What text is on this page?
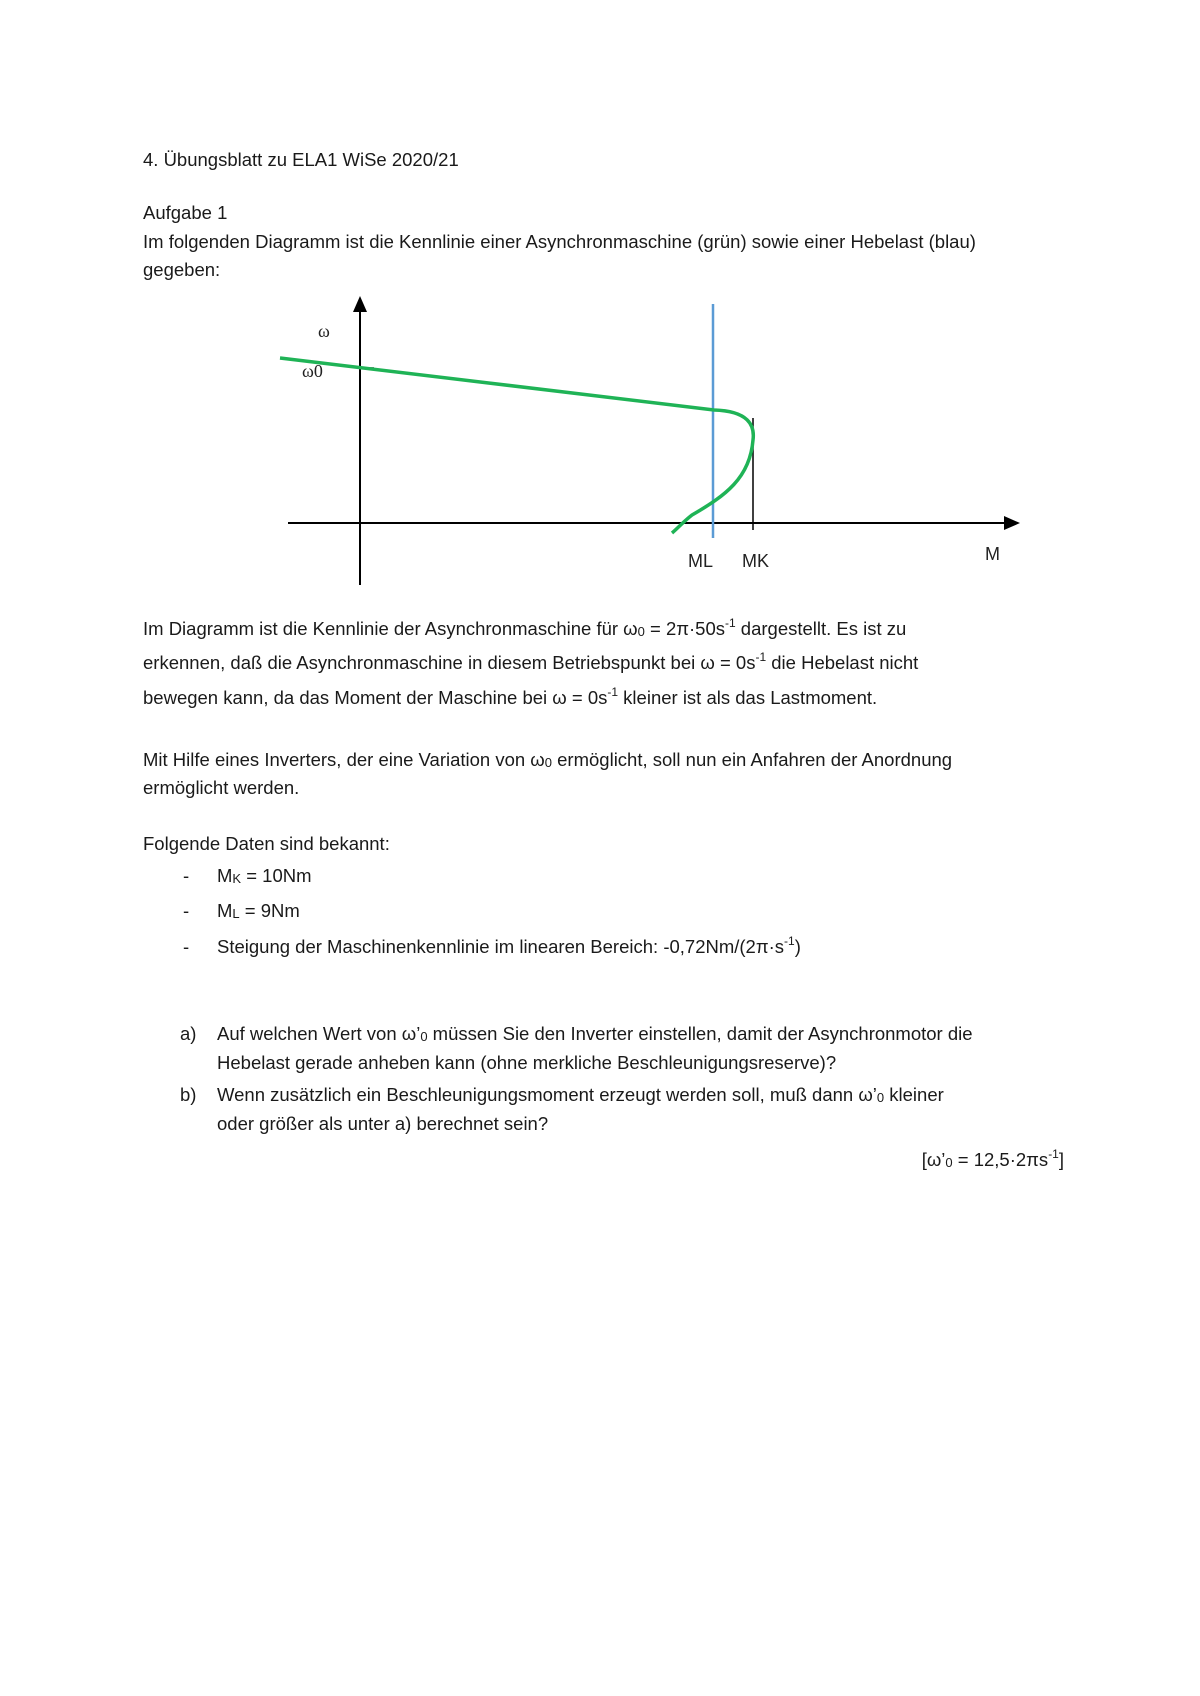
4. Übungsblatt zu ELA1 WiSe 2020/21
Aufgabe 1
Im folgenden Diagramm ist die Kennlinie einer Asynchronmaschine (grün) sowie einer Hebelast (blau)
gegeben:
ω
ω0
ML MK	M
Im Diagramm ist die Kennlinie der Asynchronmaschine für $\omega_0 = 2\pi\cdot 50s^{-1}$ dargestellt. Es ist zu
erkennen, daß die Asynchronmaschine in diesem Betriebspunkt bei $\omega = 0s^{-1}$ die Hebelast nicht
bewegen kann, da das Moment der Maschine bei $\omega = 0s^{-1}$ kleiner ist als das Lastmoment.
Mit Hilfe eines Inverters, der eine Variation von $\omega_0$ ermöglicht, soll nun ein Anfahren der Anordnung
ermöglicht werden.
Folgende Daten sind bekannt:
- $M_K = 10Nm$
- $M_L = 9Nm$
- Steigung der Maschinenkennlinie im linearen Bereich: $-0,72Nm/(2\pi\cdot s^{-1})$
a) Auf welchen Wert von $\omega’_0$ müssen Sie den Inverter einstellen, damit der Asynchronmotor die
Hebelast gerade anheben kann (ohne merkliche Beschleunigungsreserve)?
b) Wenn zusätzlich ein Beschleunigungsmoment erzeugt werden soll, muß dann $\omega’_0$ kleiner
oder größer als unter a) berechnet sein?
$[\omega’_0 = 12,5\cdot 2\pi s^{-1}]$
